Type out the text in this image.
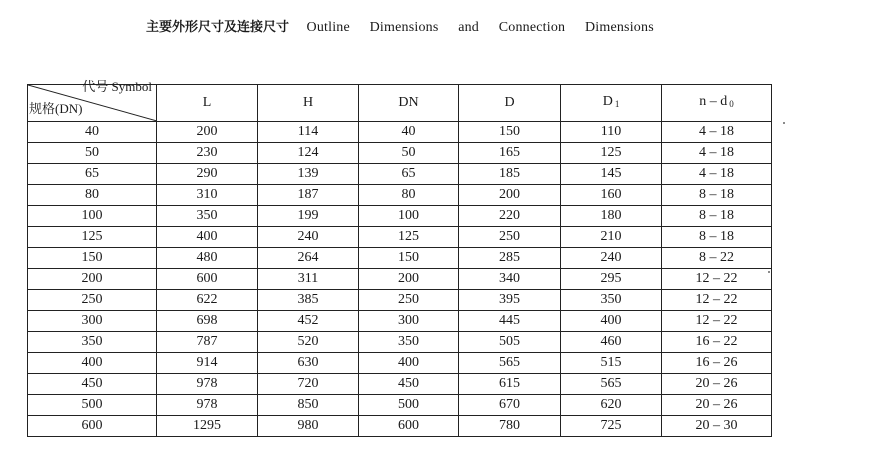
主要外形尺寸及连接尺寸 Outline Dimensions and Connection Dimensions
代号 Symbol
规格(DN)	L	H	DN	D	D $_1$	n – d $_0$
40	200	114	40	150	110	4 – 18
50	230	124	50	165	125	4 – 18
65	290	139	65	185	145	4 – 18
80	310	187	80	200	160	8 – 18
100	350	199	100	220	180	8 – 18
125	400	240	125	250	210	8 – 18
150	480	264	150	285	240	8 – 22
200	600	311	200	340	295	12 – 22
250	622	385	250	395	350	12 – 22
300	698	452	300	445	400	12 – 22
350	787	520	350	505	460	16 – 22
400	914	630	400	565	515	16 – 26
450	978	720	450	615	565	20 – 26
500	978	850	500	670	620	20 – 26
600	1295	980	600	780	725	20 – 30
